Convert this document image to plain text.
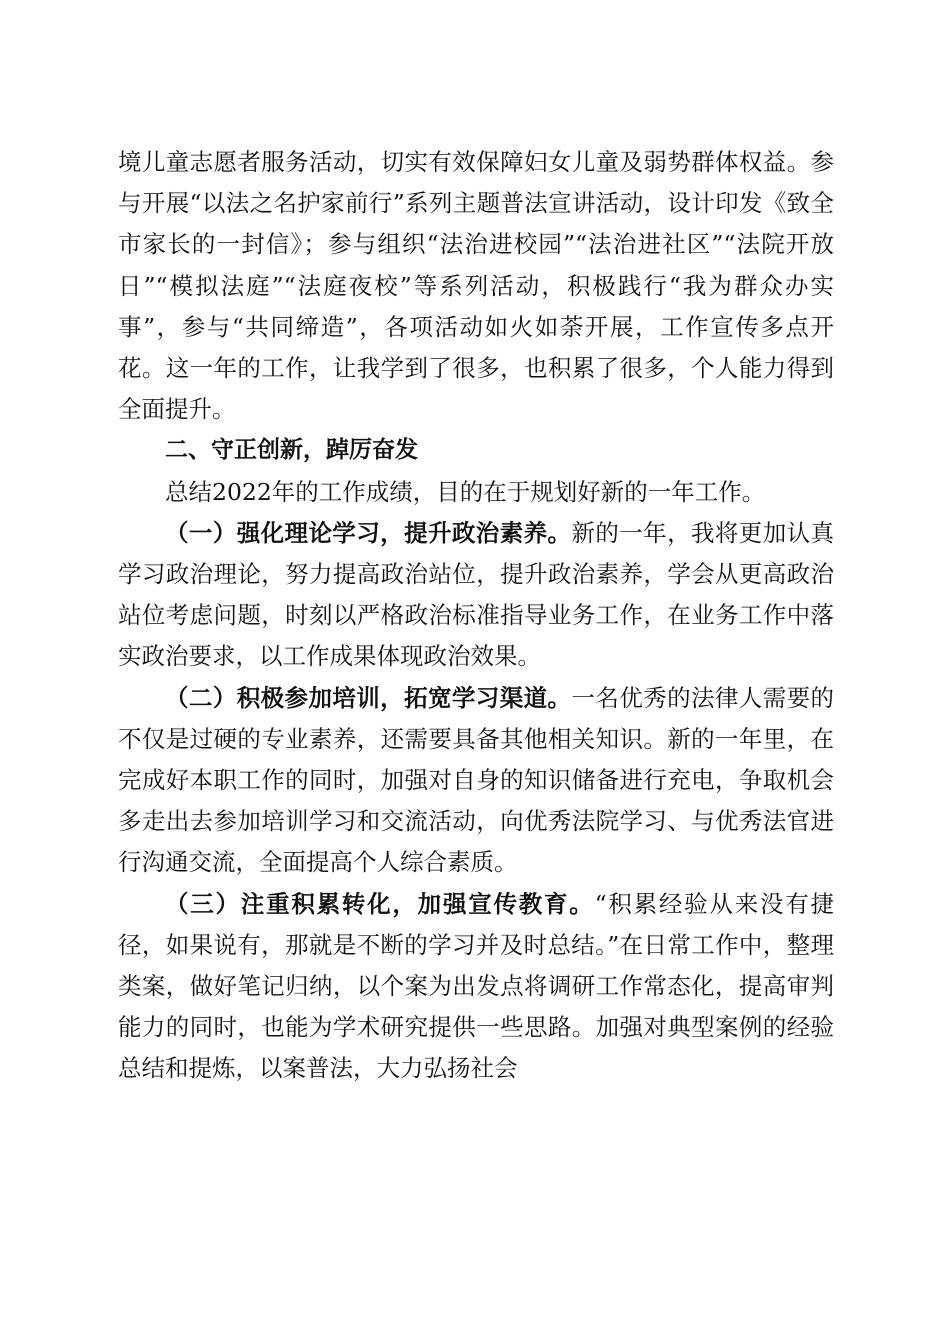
境儿童志愿者服务活动，切实有效保障妇女儿童及弱势群体权益。参与开展“以法之名护家前行”系列主题普法宣讲活动，设计印发《致全市家长的一封信》；参与组织“法治进校园”“法治进社区”“法院开放日”“模拟法庭”“法庭夜校”等系列活动，积极践行“我为群众办实事”，参与“共同缔造”，各项活动如火如荼开展，工作宣传多点开花。这一年的工作，让我学到了很多，也积累了很多，个人能力得到全面提升。

二、守正创新，踔厉奋发

总结2022年的工作成绩，目的在于规划好新的一年工作。

（一）强化理论学习，提升政治素养。新的一年，我将更加认真学习政治理论，努力提高政治站位，提升政治素养，学会从更高政治站位考虑问题，时刻以严格政治标准指导业务工作，在业务工作中落实政治要求，以工作成果体现政治效果。

（二）积极参加培训，拓宽学习渠道。一名优秀的法律人需要的不仅是过硬的专业素养，还需要具备其他相关知识。新的一年里，在完成好本职工作的同时，加强对自身的知识储备进行充电，争取机会多走出去参加培训学习和交流活动，向优秀法院学习、与优秀法官进行沟通交流，全面提高个人综合素质。

（三）注重积累转化，加强宣传教育。“积累经验从来没有捷径，如果说有，那就是不断的学习并及时总结。”在日常工作中，整理类案，做好笔记归纳，以个案为出发点将调研工作常态化，提高审判能力的同时，也能为学术研究提供一些思路。加强对典型案例的经验总结和提炼，以案普法，大力弘扬社会
